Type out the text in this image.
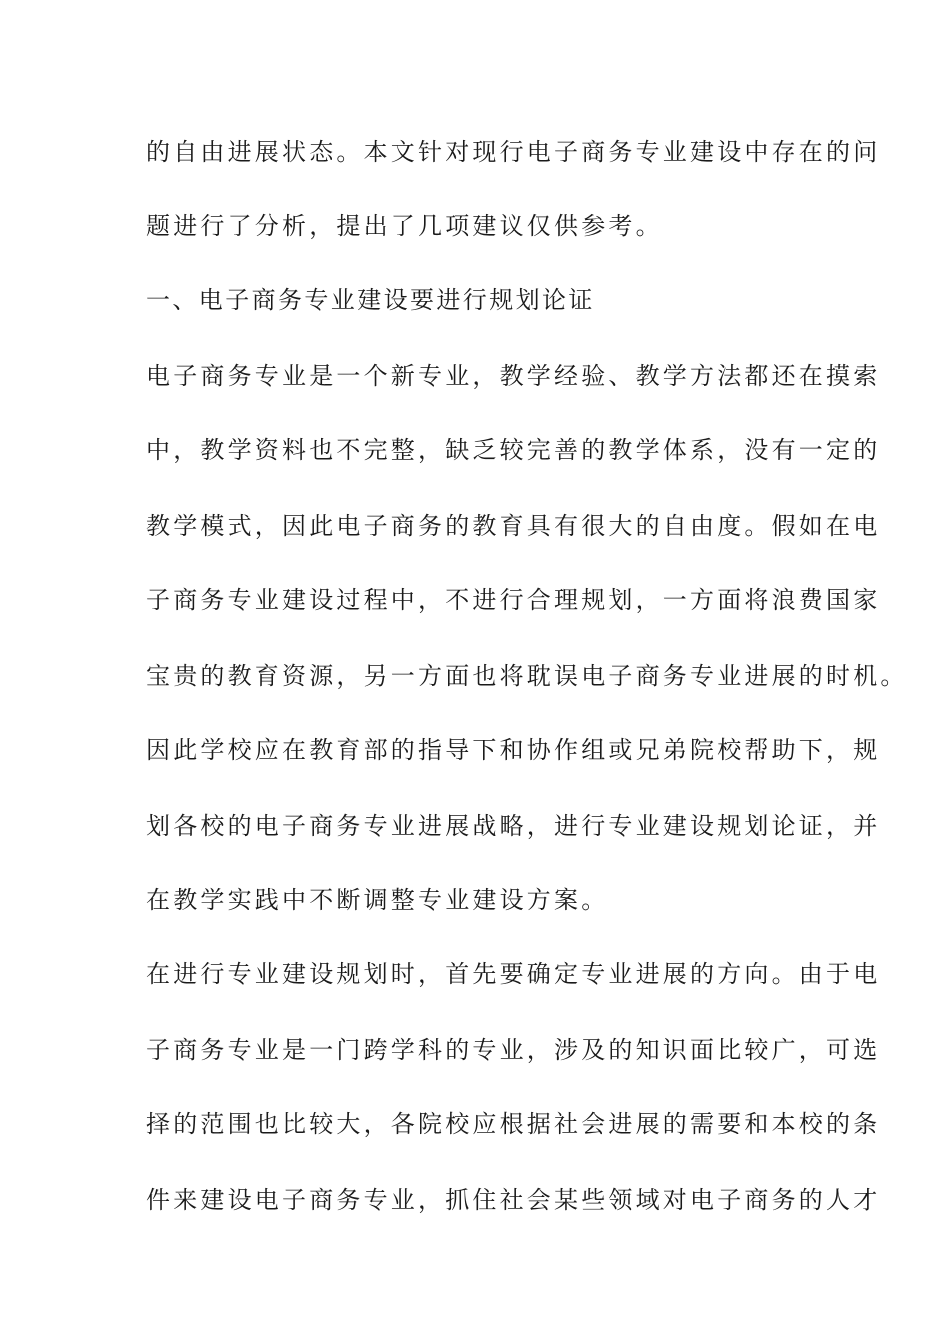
的自由进展状态。本文针对现行电子商务专业建设中存在的问
题进行了分析，提出了几项建议仅供参考。
一、电子商务专业建设要进行规划论证
电子商务专业是一个新专业，教学经验、教学方法都还在摸索
中，教学资料也不完整，缺乏较完善的教学体系，没有一定的
教学模式，因此电子商务的教育具有很大的自由度。假如在电
子商务专业建设过程中，不进行合理规划，一方面将浪费国家
宝贵的教育资源，另一方面也将耽误电子商务专业进展的时机。
因此学校应在教育部的指导下和协作组或兄弟院校帮助下，规
划各校的电子商务专业进展战略，进行专业建设规划论证，并
在教学实践中不断调整专业建设方案。
在进行专业建设规划时，首先要确定专业进展的方向。由于电
子商务专业是一门跨学科的专业，涉及的知识面比较广，可选
择的范围也比较大，各院校应根据社会进展的需要和本校的条
件来建设电子商务专业，抓住社会某些领域对电子商务的人才
